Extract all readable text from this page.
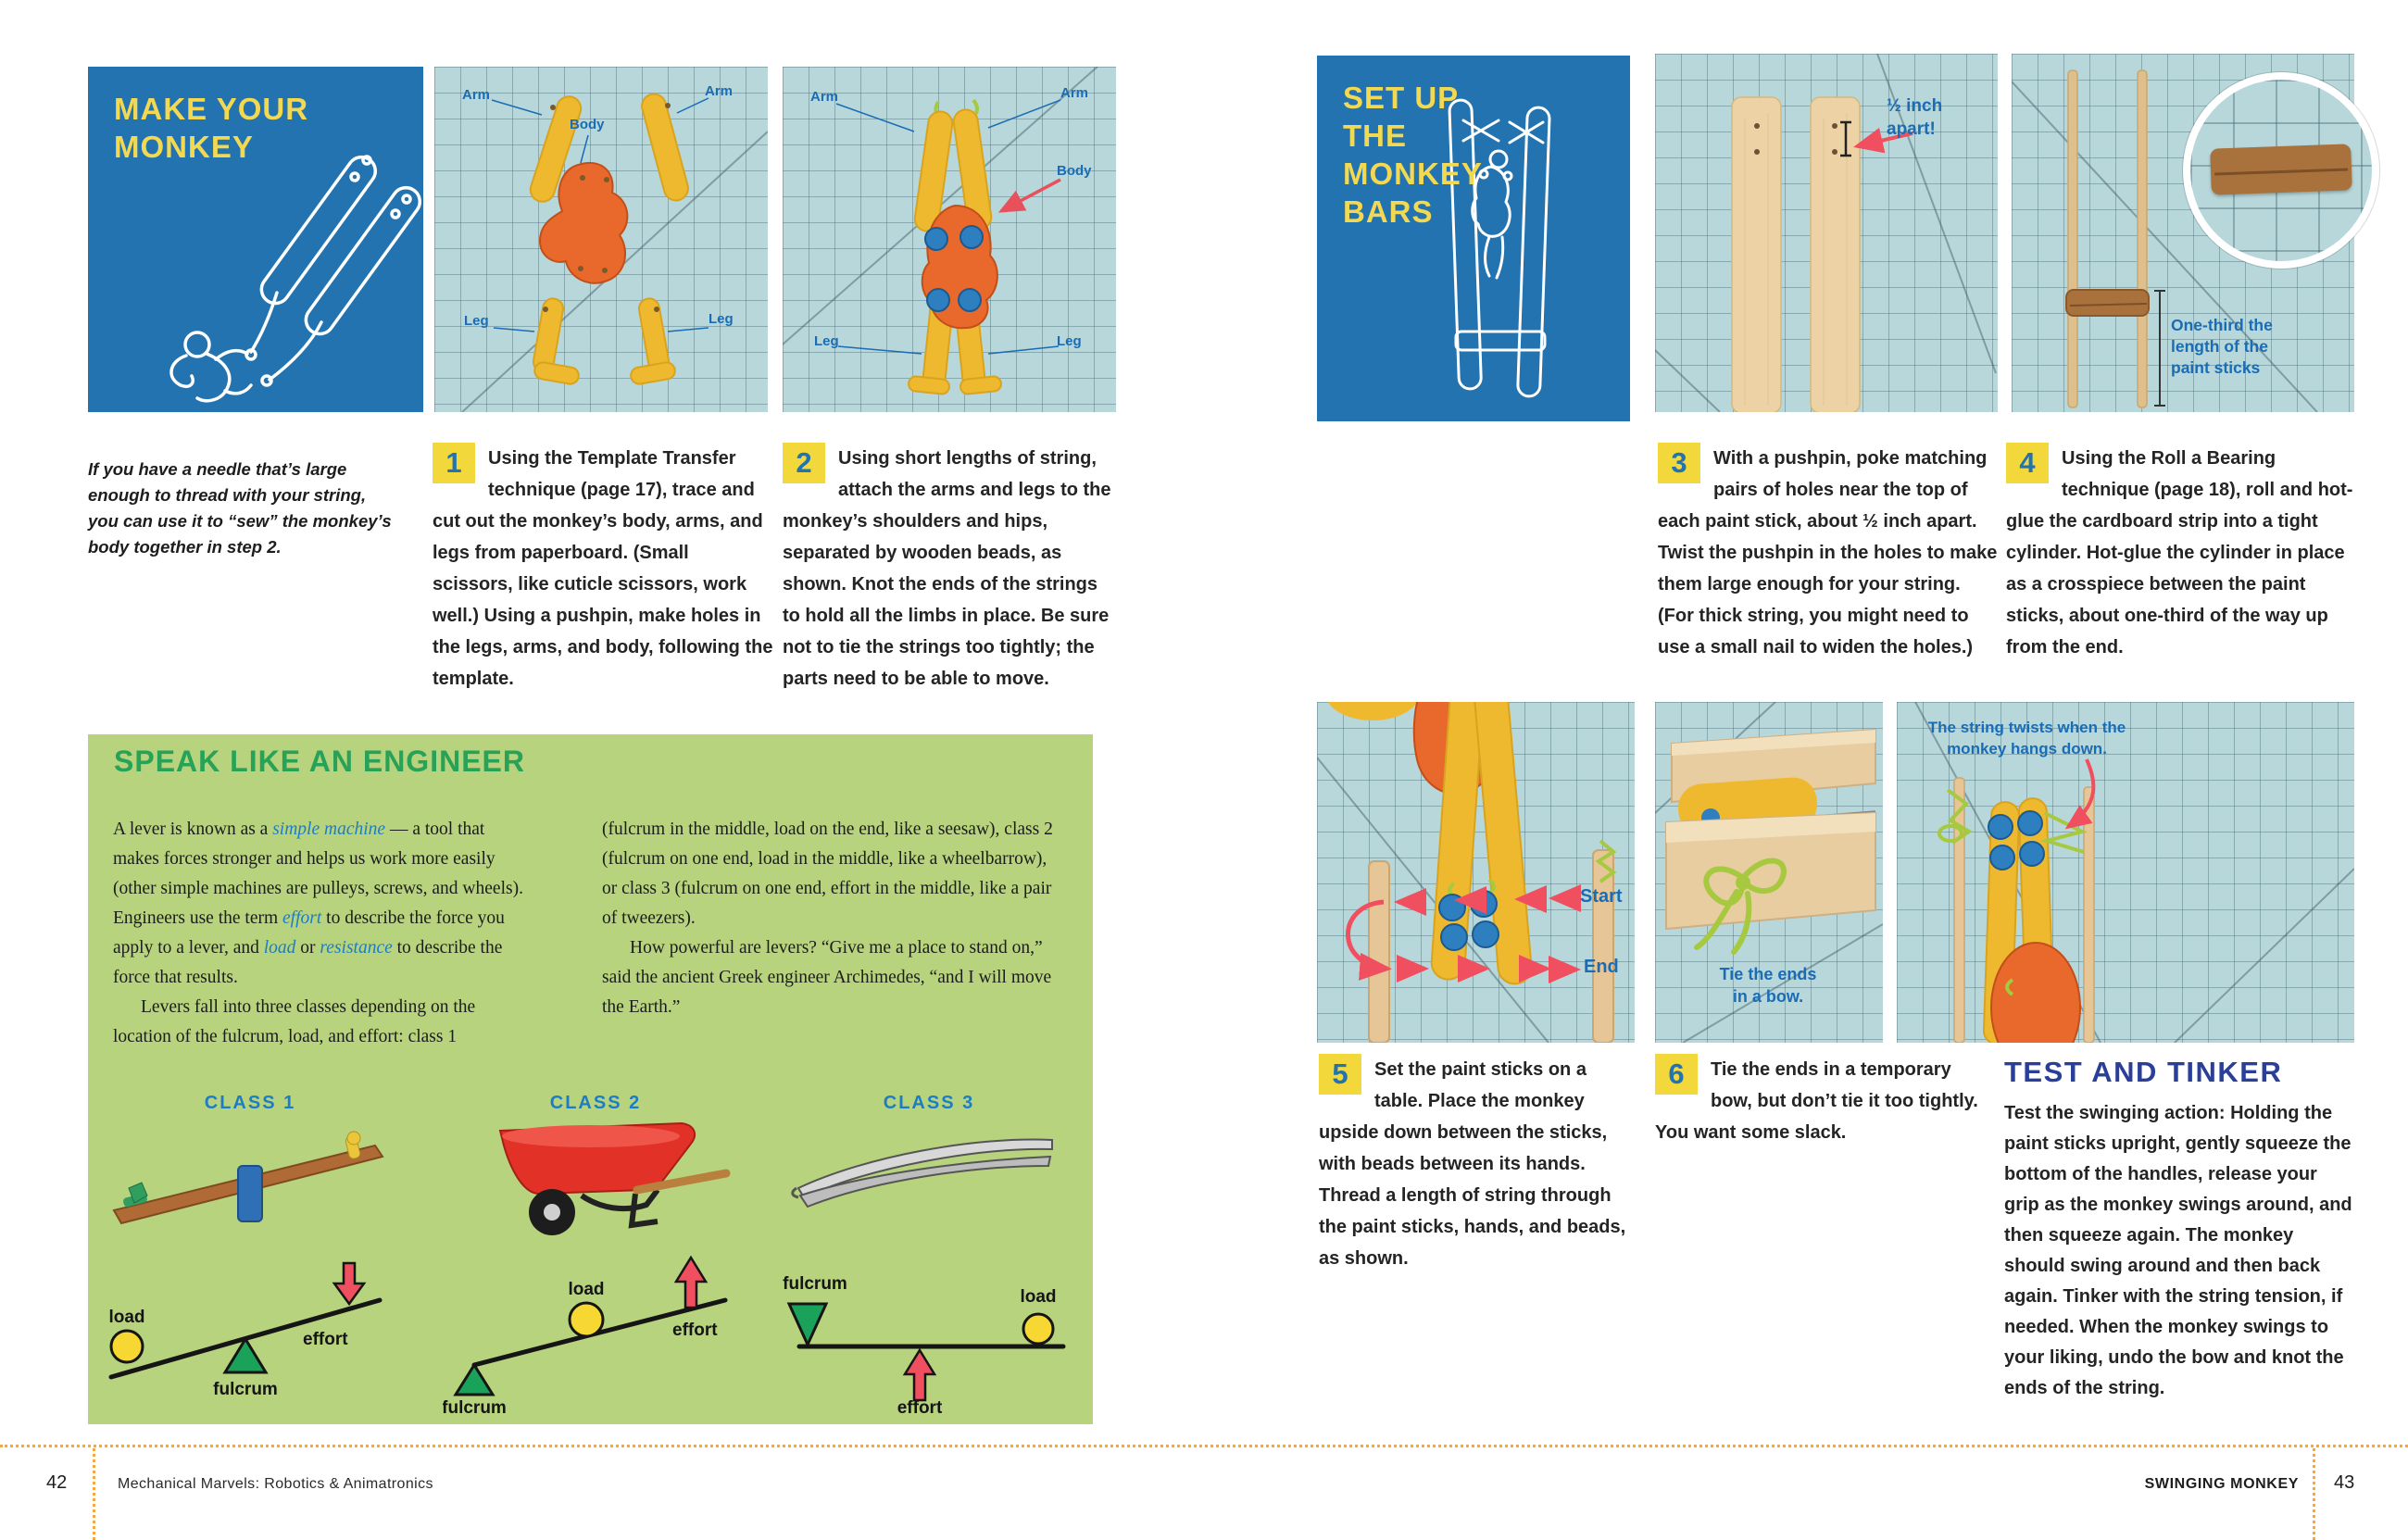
MAKE YOUR MONKEY
Arm	Arm
Body
Leg	Leg
Arm	Arm
Body
Leg	Leg

If you have a needle that’s large enough to thread with your string, you can use it to “sew” the monkey’s body together in step 2.

1	Using the Template Transfer technique (page 17), trace and cut out the monkey’s body, arms, and legs from paperboard. (Small scissors, like cuticle scissors, work well.) Using a pushpin, make holes in the legs, arms, and body, following the template.
2	Using short lengths of string, attach the arms and legs to the monkey’s shoulders and hips, separated by wooden beads, as shown. Knot the ends of the strings to hold all the limbs in place. Be sure not to tie the strings too tightly; the parts need to be able to move.
SPEAK LIKE AN ENGINEER

A lever is known as a simple machine — a tool that makes forces stronger and helps us work more easily (other simple machines are pulleys, screws, and wheels). Engineers use the term effort to describe the force you apply to a lever, and load or resistance to describe the force that results.

Levers fall into three classes depending on the location of the fulcrum, load, and effort: class 1

(fulcrum in the middle, load on the end, like a seesaw), class 2 (fulcrum on one end, load in the middle, like a wheelbarrow), or class 3 (fulcrum on one end, effort in the middle, like a pair of tweezers).

How powerful are levers? “Give me a place to stand on,” said the ancient Greek engineer Archimedes, “and I will move the Earth.”

CLASS 1

load
fulcrum
effort
CLASS 2

load
fulcrum
effort
CLASS 3

fulcrum
load
effort
SET UP THE MONKEY BARS
½ inch apart!
One-third the length of the paint sticks
3	With a pushpin, poke matching pairs of holes near the top of each paint stick, about ½ inch apart. Twist the pushpin in the holes to make them large enough for your string. (For thick string, you might need to use a small nail to widen the holes.)
4	Using the Roll a Bearing technique (page 18), roll and hot-glue the cardboard strip into a tight cylinder. Hot-glue the cylinder in place as a crosspiece between the paint sticks, about one-third of the way up from the end.
Start
End	Tie the ends in a bow.
The string twists when the monkey hangs down.
5	Set the paint sticks on a table. Place the monkey upside down between the sticks, with beads between its hands. Thread a length of string through the paint sticks, hands, and beads, as shown.
6	Tie the ends in a temporary bow, but don’t tie it too tightly. You want some slack.
TEST AND TINKER

Test the swinging action: Holding the paint sticks upright, gently squeeze the bottom of the handles, release your grip as the monkey swings around, and then squeeze again. The monkey should swing around and then back again. Tinker with the string tension, if needed. When the monkey swings to your liking, undo the bow and knot the ends of the string.

42	Mechanical Marvels: Robotics & Animatronics	SWINGING MONKEY 43
